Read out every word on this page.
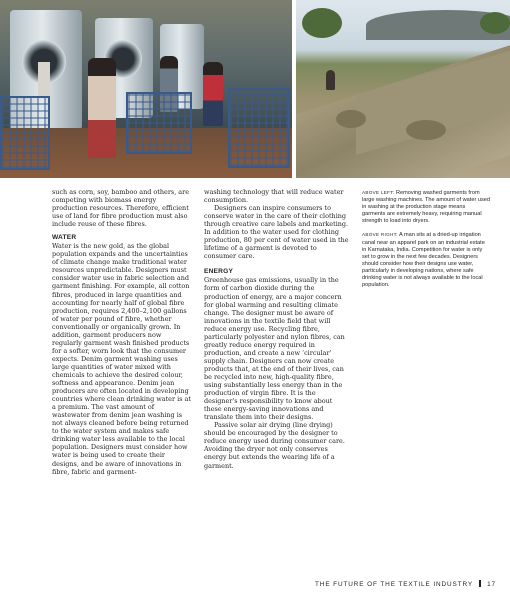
such as corn, soy, bamboo and others, are competing with biomass energy production resources. Therefore, efficient use of land for fibre production must also include reuse of these fibres.

WATER

Water is the new gold, as the global population expands and the uncertainties of climate change make traditional water resources unpredictable. Designers must consider water use in fabric selection and garment finishing. For example, all cotton fibres, produced in large quantities and accounting for nearly half of global fibre production, requires 2,400–2,100 gallons of water per pound of fibre, whether conventionally or organically grown. In addition, garment producers now regularly garment wash finished products for a softer, worn look that the consumer expects. Denim garment washing uses large quantities of water mixed with chemicals to achieve the desired colour, softness and appearance. Denim jean producers are often located in developing countries where clean drinking water is at a premium. The vast amount of wastewater from denim jean washing is not always cleaned before being returned to the water system and makes safe drinking water less available to the local population. Designers must consider how water is being used to create their designs, and be aware of innovations in fibre, fabric and garment-

washing technology that will reduce water consumption.

Designers can inspire consumers to conserve water in the care of their clothing through creative care labels and marketing. In addition to the water used for clothing production, 80 per cent of water used in the lifetime of a garment is devoted to consumer care.

ENERGY

Greenhouse gas emissions, usually in the form of carbon dioxide during the production of energy, are a major concern for global warming and resulting climate change. The designer must be aware of innovations in the textile field that will reduce energy use. Recycling fibre, particularly polyester and nylon fibres, can greatly reduce energy required in production, and create a new ‘circular’ supply chain. Designers can now create products that, at the end of their lives, can be recycled into new, high-quality fibre, using substantially less energy than in the production of virgin fibre. It is the designer's responsibility to know about these energy-saving innovations and translate them into their designs.

Passive solar air drying (line drying) should be encouraged by the designer to reduce energy used during consumer care. Avoiding the dryer not only conserves energy but extends the wearing life of a garment.

ABOVE LEFT: Removing washed garments from large washing machines. The amount of water used in washing at the production stage means garments are extremely heavy, requiring manual strength to load into dryers.

ABOVE RIGHT: A man sits at a dried-up irrigation canal near an apparel park on an industrial estate in Karnataka, India. Competition for water is only set to grow in the next few decades. Designers should consider how their designs use water, particularly in developing nations, where safe drinking water is not always available to the local population.

THE FUTURE OF THE TEXTILE INDUSTRY 17
